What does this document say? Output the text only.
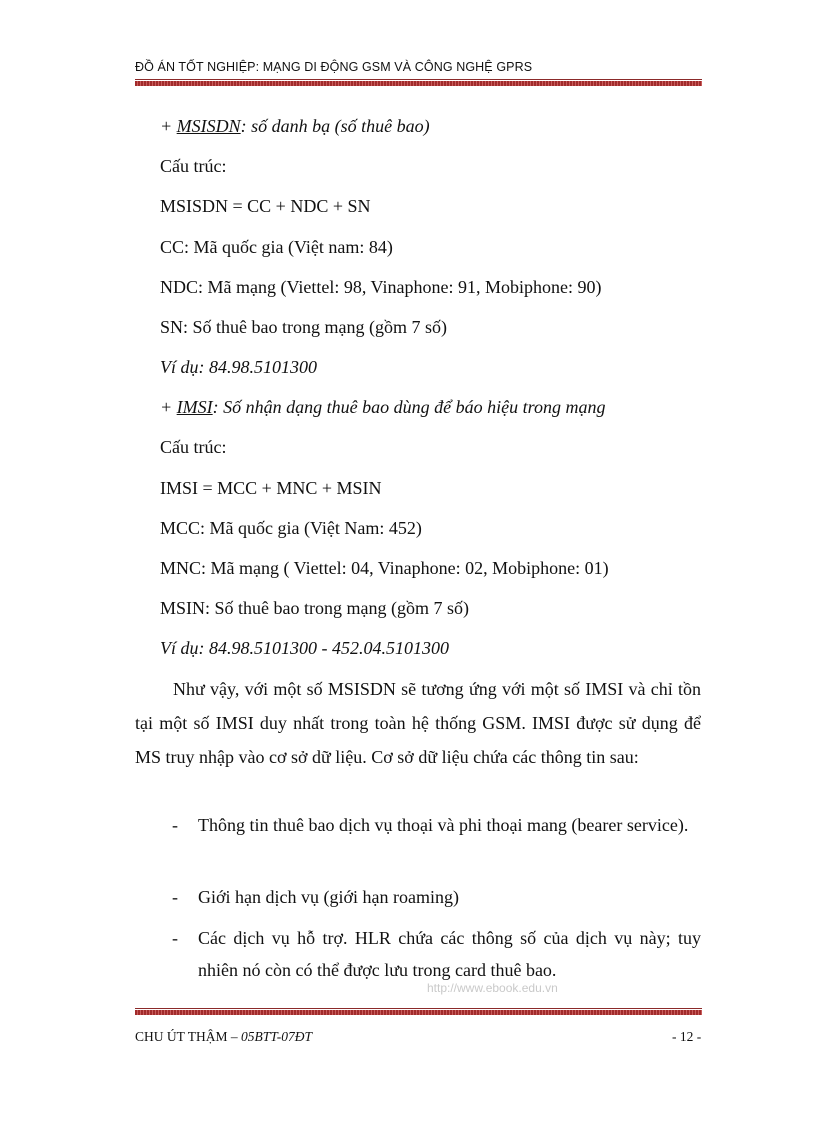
ĐỒ ÁN TỐT NGHIỆP: MẠNG DI ĐỘNG GSM VÀ CÔNG NGHỆ GPRS
+ MSISDN: số danh bạ (số thuê bao)
Cấu trúc:
MSISDN = CC + NDC + SN
CC: Mã quốc gia (Việt nam: 84)
NDC: Mã mạng (Viettel: 98, Vinaphone: 91, Mobiphone: 90)
SN: Số thuê bao trong mạng (gồm 7 số)
Ví dụ: 84.98.5101300
+ IMSI: Số nhận dạng thuê bao dùng để báo hiệu trong mạng
Cấu trúc:
IMSI = MCC + MNC + MSIN
MCC: Mã quốc gia (Việt Nam: 452)
MNC: Mã mạng ( Viettel: 04, Vinaphone: 02, Mobiphone: 01)
MSIN: Số thuê bao trong mạng (gồm 7 số)
Ví dụ: 84.98.5101300 - 452.04.5101300
Như vậy, với một số MSISDN sẽ tương ứng với một số IMSI và chỉ tồn tại một số IMSI duy nhất trong toàn hệ thống GSM. IMSI được sử dụng để MS truy nhập vào cơ sở dữ liệu. Cơ sở dữ liệu chứa các thông tin sau:
- Thông tin thuê bao dịch vụ thoại và phi thoại mang (bearer service).
- Giới hạn dịch vụ (giới hạn roaming)
- Các dịch vụ hỗ trợ. HLR chứa các thông số của dịch vụ này; tuy nhiên nó còn có thể được lưu trong card thuê bao.
http://www.ebook.edu.vn
CHU ÚT THẬM – 05BTT-07ĐT	- 12 -
